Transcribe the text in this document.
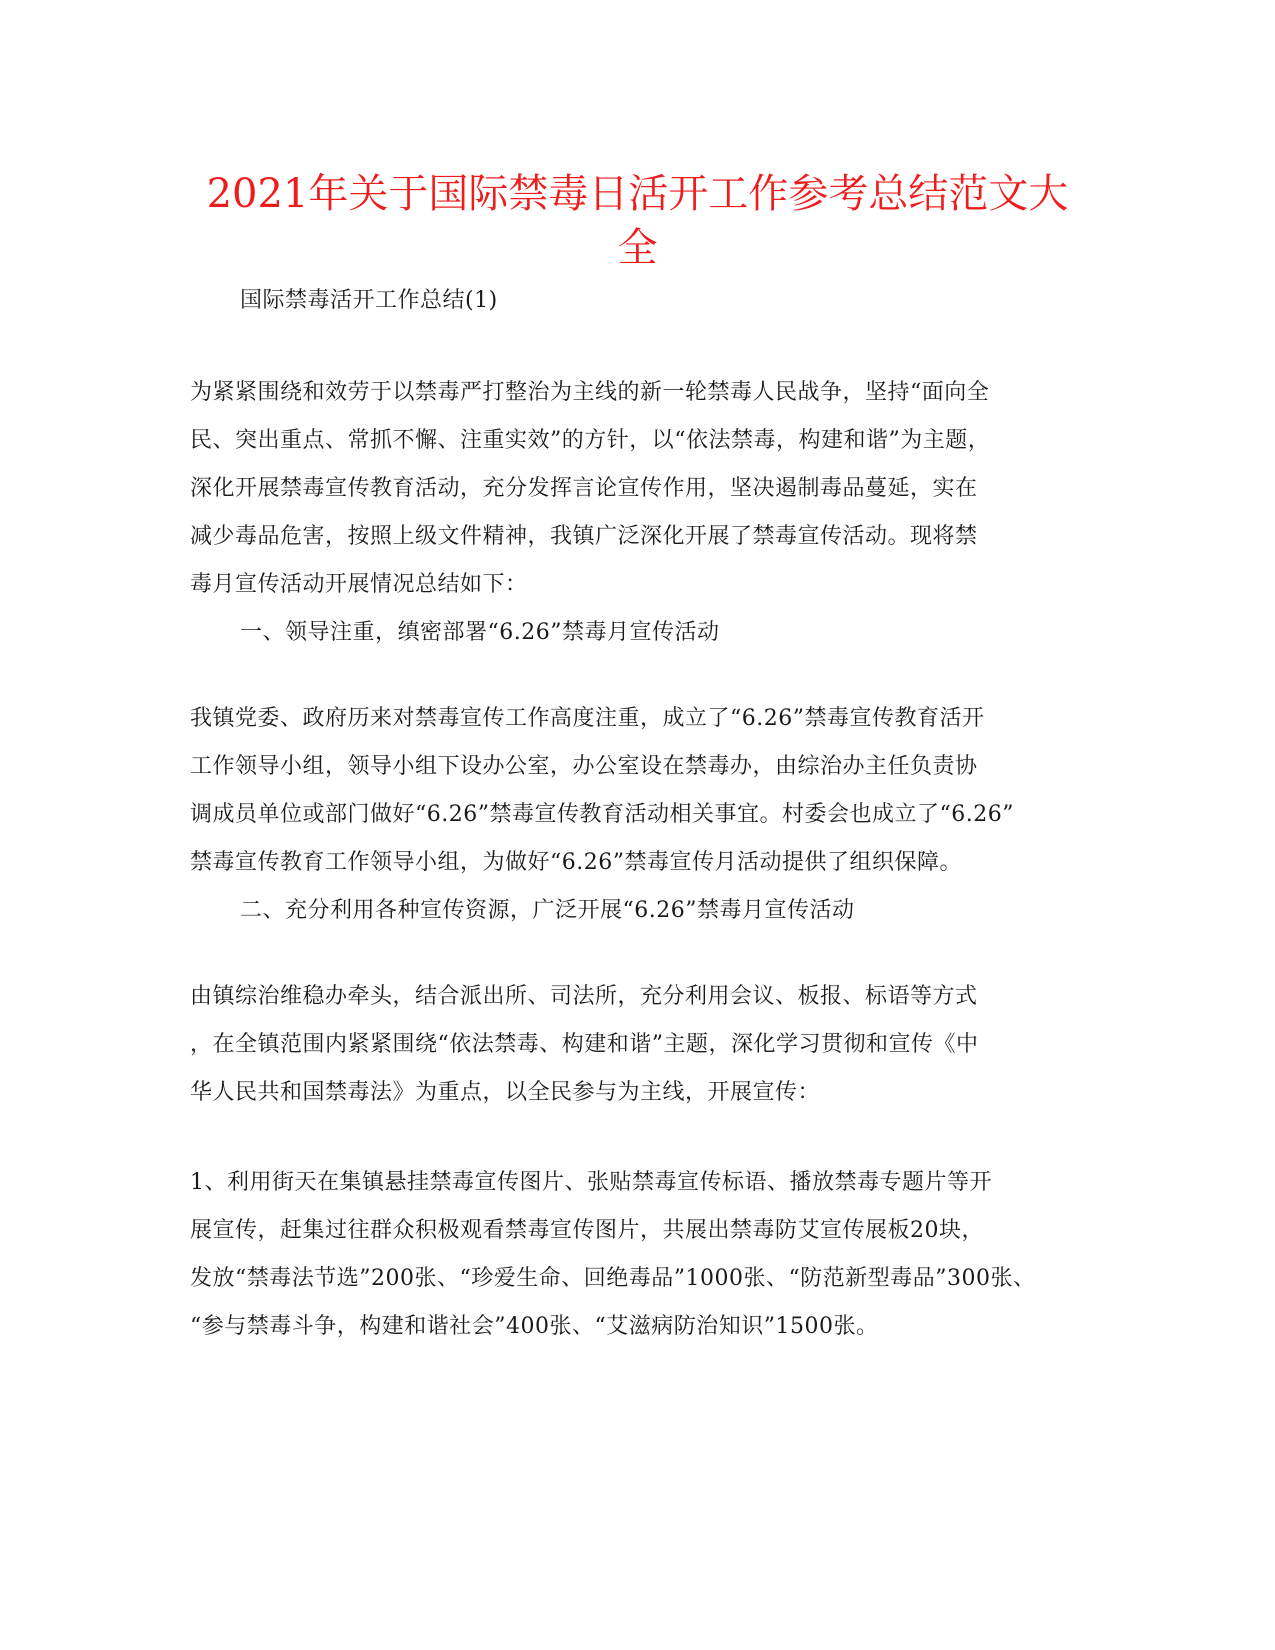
2021年关于国际禁毒日活开工作参考总结范文大
全
国际禁毒活开工作总结(1)
为紧紧围绕和效劳于以禁毒严打整治为主线的新一轮禁毒人民战争，坚持“面向全
民、突出重点、常抓不懈、注重实效”的方针，以“依法禁毒，构建和谐”为主题，
深化开展禁毒宣传教育活动，充分发挥言论宣传作用，坚决遏制毒品蔓延，实在
减少毒品危害，按照上级文件精神，我镇广泛深化开展了禁毒宣传活动。现将禁
毒月宣传活动开展情况总结如下：
一、领导注重，缜密部署“6.26”禁毒月宣传活动
我镇党委、政府历来对禁毒宣传工作高度注重，成立了“6.26”禁毒宣传教育活开
工作领导小组，领导小组下设办公室，办公室设在禁毒办，由综治办主任负责协
调成员单位或部门做好“6.26”禁毒宣传教育活动相关事宜。村委会也成立了“6.26”
禁毒宣传教育工作领导小组，为做好“6.26”禁毒宣传月活动提供了组织保障。
二、充分利用各种宣传资源，广泛开展“6.26”禁毒月宣传活动
由镇综治维稳办牵头，结合派出所、司法所，充分利用会议、板报、标语等方式
，在全镇范围内紧紧围绕“依法禁毒、构建和谐”主题，深化学习贯彻和宣传《中
华人民共和国禁毒法》为重点，以全民参与为主线，开展宣传：
1、利用街天在集镇悬挂禁毒宣传图片、张贴禁毒宣传标语、播放禁毒专题片等开
展宣传，赶集过往群众积极观看禁毒宣传图片，共展出禁毒防艾宣传展板20块，
发放“禁毒法节选”200张、“珍爱生命、回绝毒品”1000张、“防范新型毒品”300张、
“参与禁毒斗争，构建和谐社会”400张、“艾滋病防治知识”1500张。
